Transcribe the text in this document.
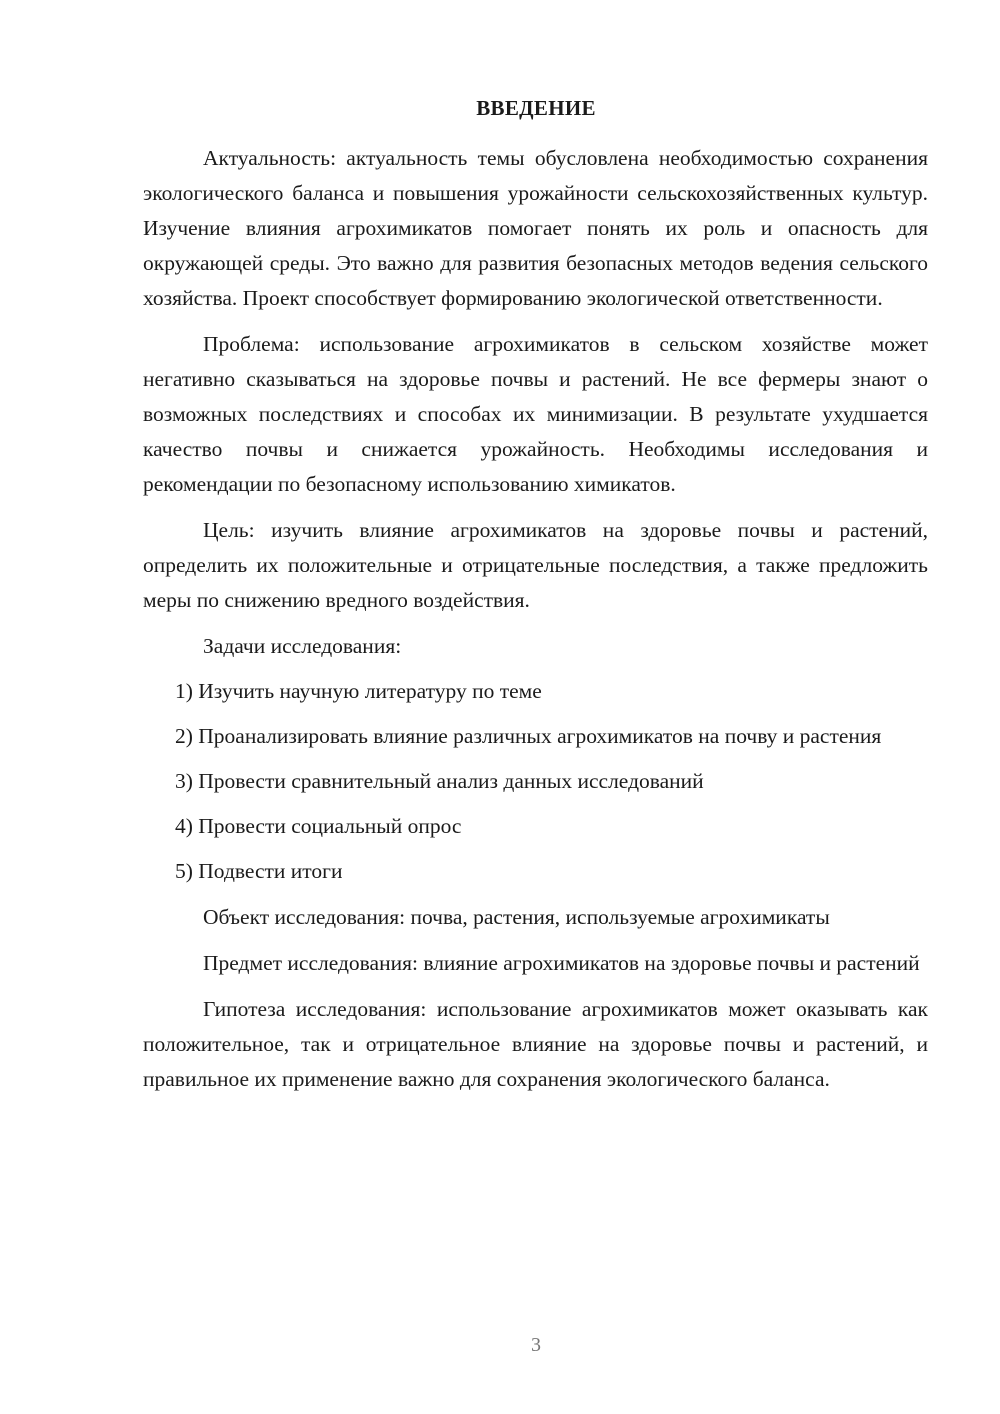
ВВЕДЕНИЕ

Актуальность: актуальность темы обусловлена необходимостью сохранения экологического баланса и повышения урожайности сельскохозяйственных культур. Изучение влияния агрохимикатов помогает понять их роль и опасность для окружающей среды. Это важно для развития безопасных методов ведения сельского хозяйства. Проект способствует формированию экологической ответственности.

Проблема: использование агрохимикатов в сельском хозяйстве может негативно сказываться на здоровье почвы и растений. Не все фермеры знают о возможных последствиях и способах их минимизации. В результате ухудшается качество почвы и снижается урожайность. Необходимы исследования и рекомендации по безопасному использованию химикатов.

Цель: изучить влияние агрохимикатов на здоровье почвы и растений, определить их положительные и отрицательные последствия, а также предложить меры по снижению вредного воздействия.

Задачи исследования:

1) Изучить научную литературу по теме

2) Проанализировать влияние различных агрохимикатов на почву и растения

3) Провести сравнительный анализ данных исследований

4) Провести социальный опрос

5) Подвести итоги

Объект исследования: почва, растения, используемые агрохимикаты

Предмет исследования: влияние агрохимикатов на здоровье почвы и растений

Гипотеза исследования: использование агрохимикатов может оказывать как положительное, так и отрицательное влияние на здоровье почвы и растений, и правильное их применение важно для сохранения экологического баланса.

3
